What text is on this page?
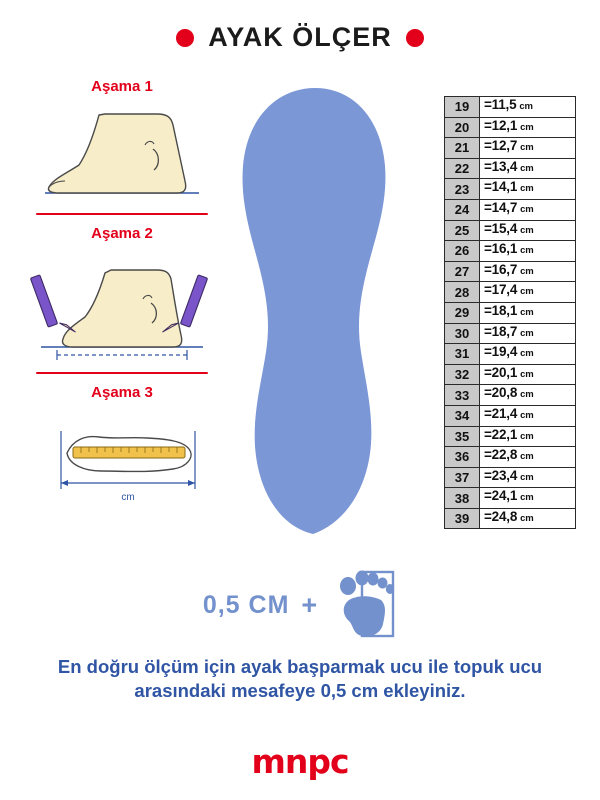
AYAK ÖLÇER
Aşama 1
Aşama 2
Aşama 3
cm
19	=11,5 cm
20	=12,1 cm
21	=12,7 cm
22	=13,4 cm
23	=14,1 cm
24	=14,7 cm
25	=15,4 cm
26	=16,1 cm
27	=16,7 cm
28	=17,4 cm
29	=18,1 cm
30	=18,7 cm
31	=19,4 cm
32	=20,1 cm
33	=20,8 cm
34	=21,4 cm
35	=22,1 cm
36	=22,8 cm
37	=23,4 cm
38	=24,1 cm
39	=24,8 cm
0,5 CM +
En doğru ölçüm için ayak başparmak ucu ile topuk ucu arasındaki mesafeye 0,5 cm ekleyiniz.
mnpc
